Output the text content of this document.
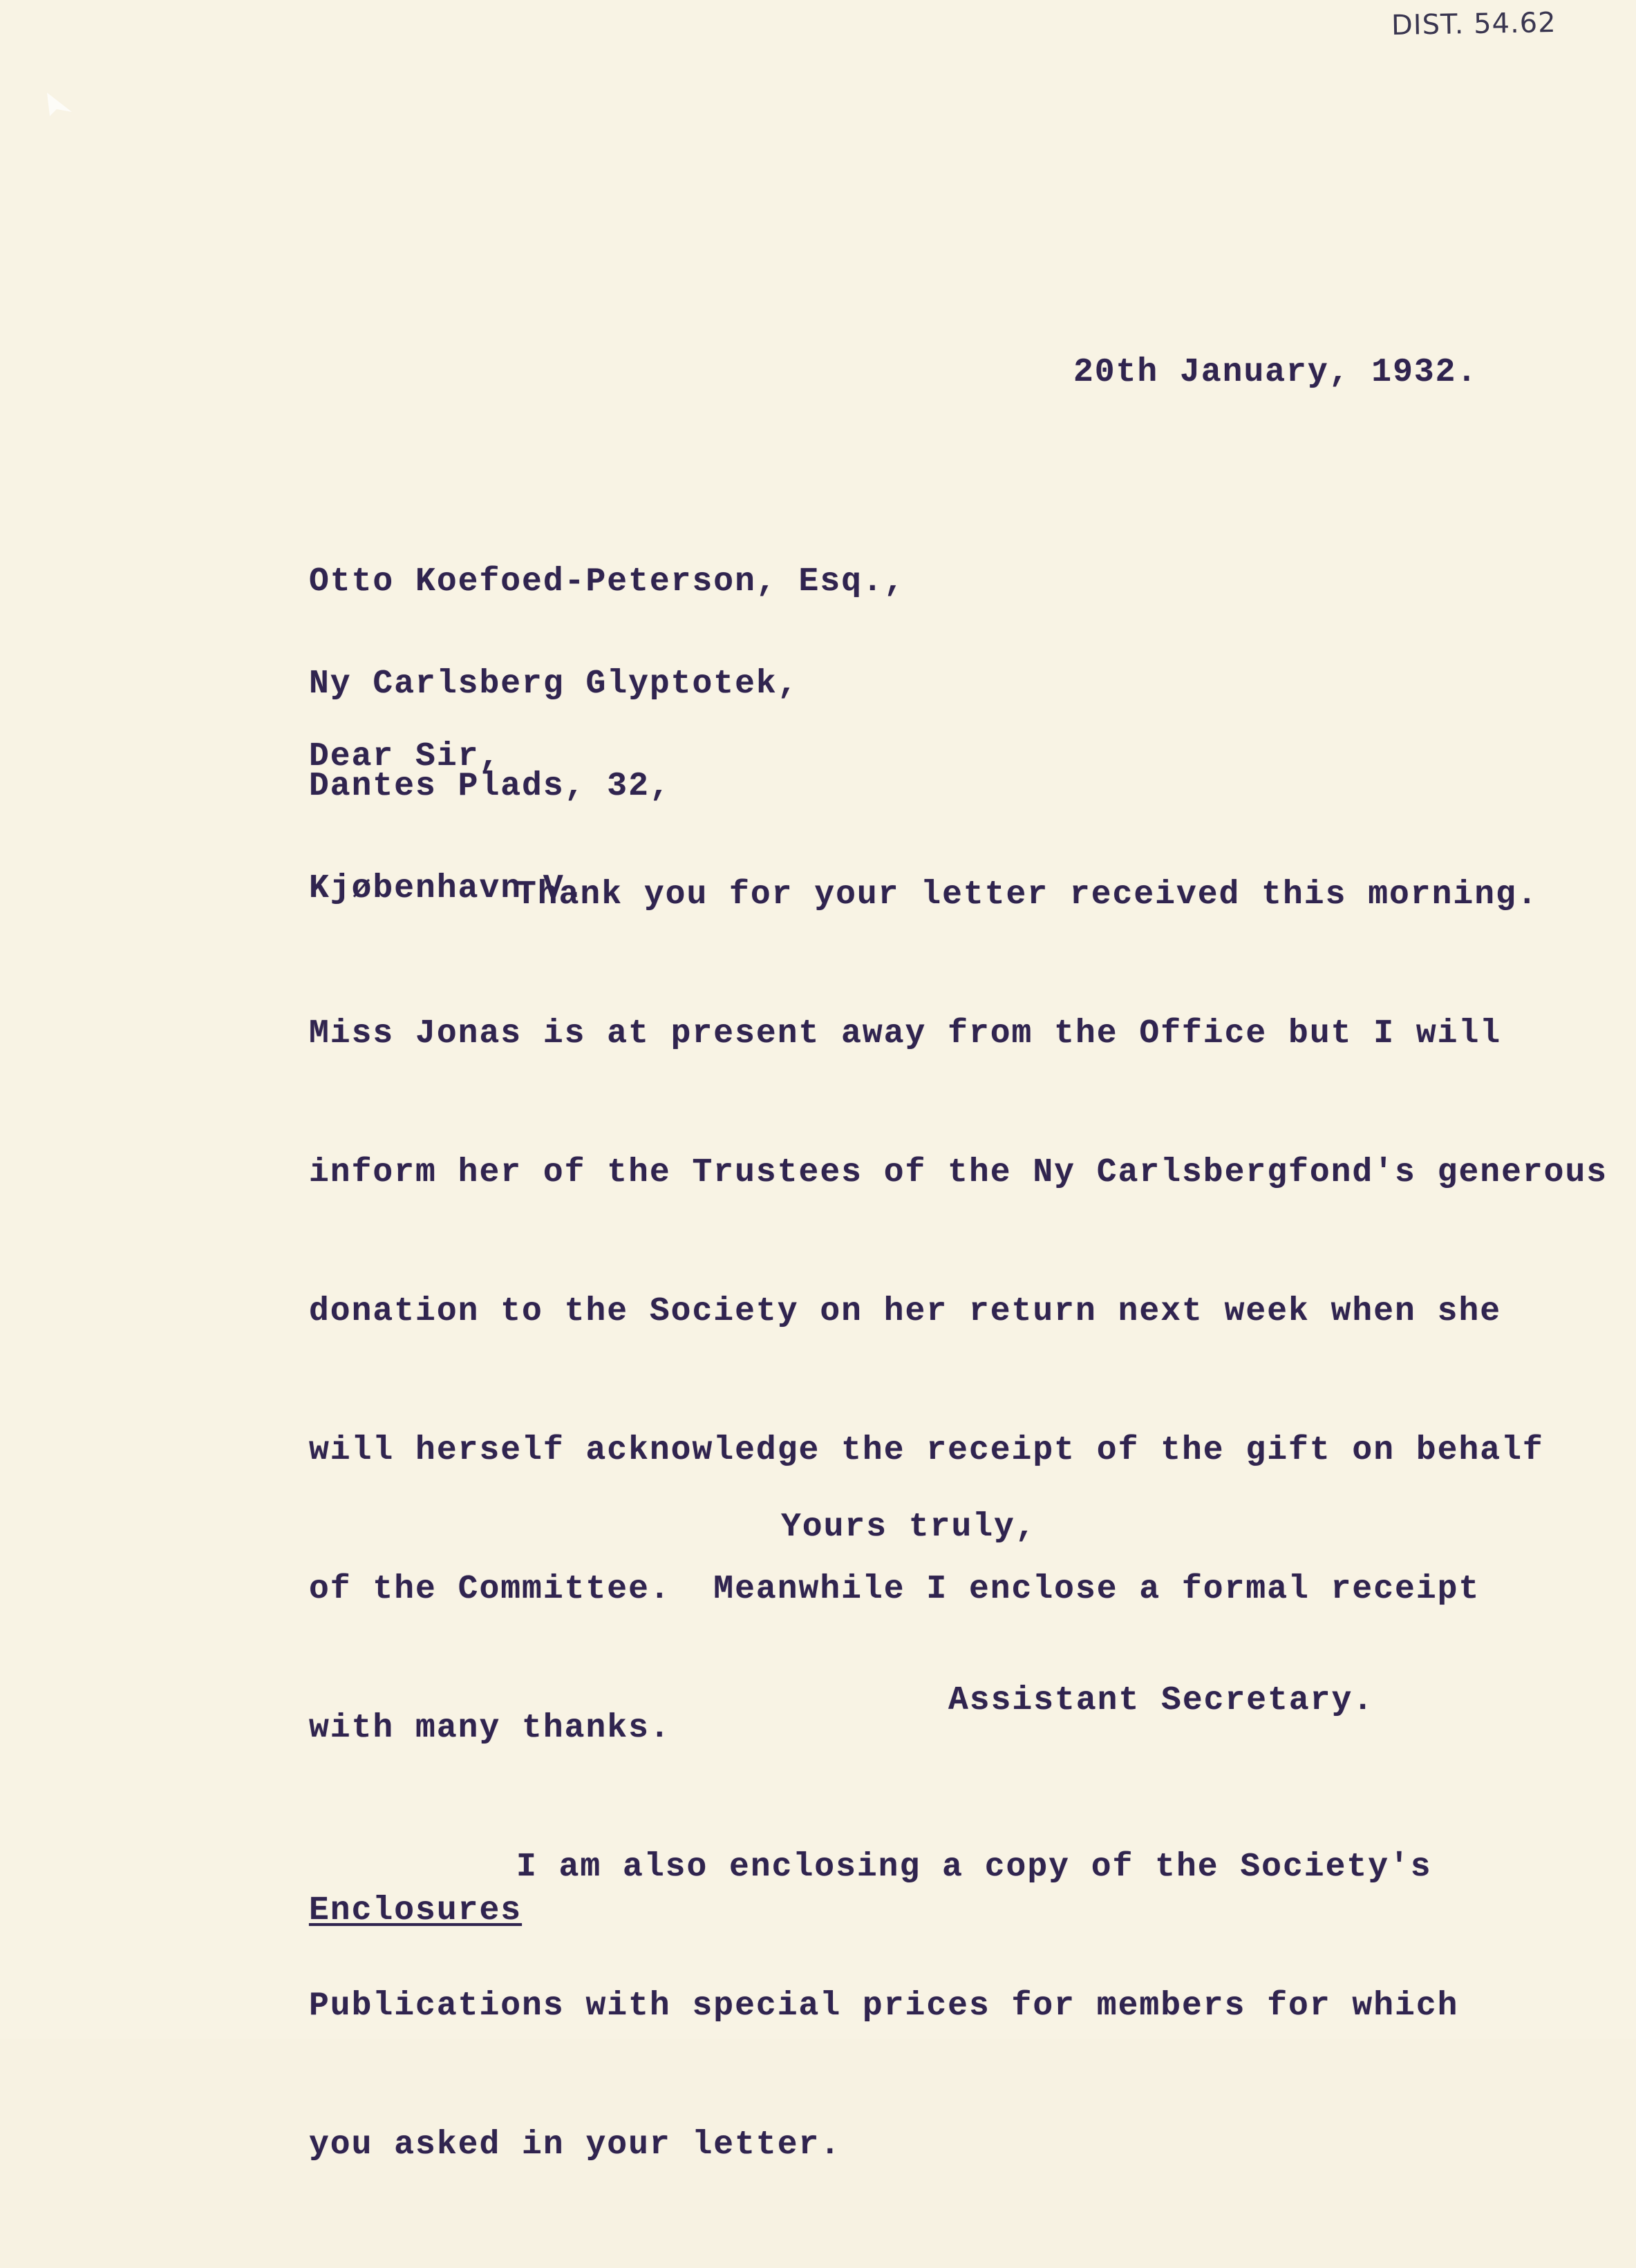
DIST. 54.62
20th January, 1932.

Otto Koefoed-Peterson, Esq.,

Ny Carlsberg Glyptotek,

Dantes Plads, 32,

Kjøbenhavn V.

Dear Sir,

Thank you for your letter received this morning.

Miss Jonas is at present away from the Office but I will

inform her of the Trustees of the Ny Carlsbergfond's generous

donation to the Society on her return next week when she

will herself acknowledge the receipt of the gift on behalf

of the Committee.  Meanwhile I enclose a formal receipt

with many thanks.

I am also enclosing a copy of the Society's

Publications with special prices for members for which

you asked in your letter.

Yours truly,
Assistant Secretary.
Enclosures
